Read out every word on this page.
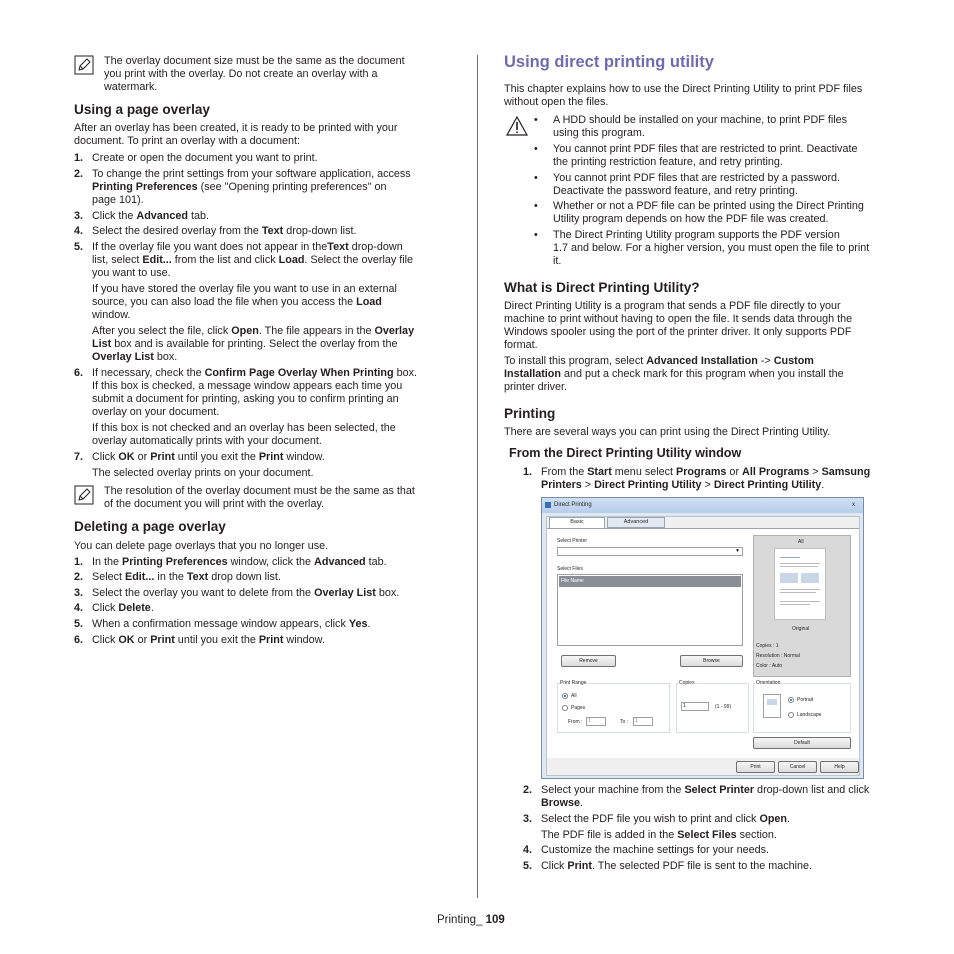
The overlay document size must be the same as the document
you print with the overlay. Do not create an overlay with a
watermark.
Using a page overlay
After an overlay has been created, it is ready to be printed with your
document. To print an overlay with a document:
1. Create or open the document you want to print.
2. To change the print settings from your software application, access
Printing Preferences (see "Opening printing preferences" on
page 101).
3. Click the Advanced tab.
4. Select the desired overlay from the Text drop-down list.
5. If the overlay file you want does not appear in theText drop-down
list, select Edit... from the list and click Load. Select the overlay file
you want to use.
If you have stored the overlay file you want to use in an external
source, you can also load the file when you access the Load
window.
After you select the file, click Open. The file appears in the Overlay
List box and is available for printing. Select the overlay from the
Overlay List box.
6. If necessary, check the Confirm Page Overlay When Printing box.
If this box is checked, a message window appears each time you
submit a document for printing, asking you to confirm printing an
overlay on your document.
If this box is not checked and an overlay has been selected, the
overlay automatically prints with your document.
7. Click OK or Print until you exit the Print window.
The selected overlay prints on your document.
The resolution of the overlay document must be the same as that
of the document you will print with the overlay.
Deleting a page overlay
You can delete page overlays that you no longer use.
1. In the Printing Preferences window, click the Advanced tab.
2. Select Edit... in the Text drop down list.
3. Select the overlay you want to delete from the Overlay List box.
4. Click Delete.
5. When a confirmation message window appears, click Yes.
6. Click OK or Print until you exit the Print window.
Using direct printing utility
This chapter explains how to use the Direct Printing Utility to print PDF files
without open the files.
• A HDD should be installed on your machine, to print PDF files
using this program.
• You cannot print PDF files that are restricted to print. Deactivate
the printing restriction feature, and retry printing.
• You cannot print PDF files that are restricted by a password.
Deactivate the password feature, and retry printing.
• Whether or not a PDF file can be printed using the Direct Printing
Utility program depends on how the PDF file was created.
• The Direct Printing Utility program supports the PDF version
1.7 and below. For a higher version, you must open the file to print
it.
What is Direct Printing Utility?
Direct Printing Utility is a program that sends a PDF file directly to your
machine to print without having to open the file. It sends data through the
Windows spooler using the port of the printer driver. It only supports PDF
format.
To install this program, select Advanced Installation -> Custom
Installation and put a check mark for this program when you install the
printer driver.
Printing
There are several ways you can print using the Direct Printing Utility.
From the Direct Printing Utility window
1. From the Start menu select Programs or All Programs > Samsung
Printers > Direct Printing Utility > Direct Printing Utility.
2. Select your machine from the Select Printer drop-down list and click
Browse.
3. Select the PDF file you wish to print and click Open.
The PDF file is added in the Select Files section.
4. Customize the machine settings for your needs.
5. Click Print. The selected PDF file is sent to the machine.
Direct Printing	x
Basic	Advanced
Select Printer
▼
Select Files
File Name
Remove	Browse
All
Original
Copies : 1
Resolution : Normal
Color : Auto
Print Range
All
Pages
From :	1	To :	1
Copies
1	(1 - 99)
Orientation
Portrait
Landscape
Default
Print	Cancel	Help
Printing_ 109
